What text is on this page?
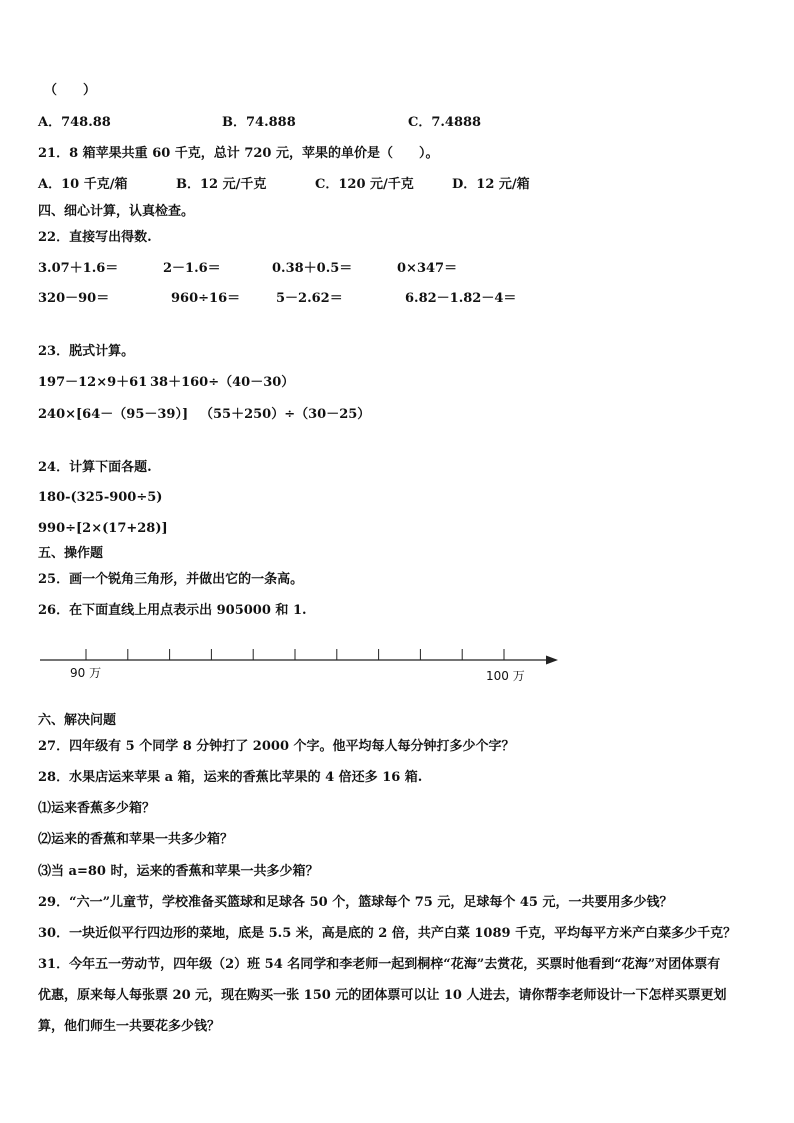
（　　）
A．748.88	B．74.888	C．7.4888
21．8 箱苹果共重 60 千克，总计 720 元，苹果的单价是（　　）。
A．10 千克/箱	B．12 元/千克	C．120 元/千克	D．12 元/箱
四、细心计算，认真检查。
22．直接写出得数.
3.07＋1.6＝	2－1.6＝	0.38＋0.5＝	0×347＝
320－90＝	960÷16＝	5－2.62＝	6.82－1.82－4＝
23．脱式计算。
197－12×9＋61 38＋160÷（40－30）
240×[64－（95－39）] （55＋250）÷（30－25）
24．计算下面各题.
180-(325-900÷5)
990÷[2×(17+28)]
五、操作题
25．画一个锐角三角形，并做出它的一条高。
26．在下面直线上用点表示出 905000 和 1.
90 万	100 万
六、解决问题
27．四年级有 5 个同学 8 分钟打了 2000 个字。他平均每人每分钟打多少个字？
28．水果店运来苹果 a 箱，运来的香蕉比苹果的 4 倍还多 16 箱.
⑴运来香蕉多少箱？
⑵运来的香蕉和苹果一共多少箱？
⑶当 a=80 时，运来的香蕉和苹果一共多少箱？
29．“六一”儿童节，学校准备买篮球和足球各 50 个，篮球每个 75 元，足球每个 45 元，一共要用多少钱？
30．一块近似平行四边形的菜地，底是 5.5 米，高是底的 2 倍，共产白菜 1089 千克，平均每平方米产白菜多少千克？
31．今年五一劳动节，四年级（2）班 54 名同学和李老师一起到桐梓“花海”去赏花，买票时他看到“花海”对团体票有
优惠，原来每人每张票 20 元，现在购买一张 150 元的团体票可以让 10 人进去，请你帮李老师设计一下怎样买票更划
算，他们师生一共要花多少钱？
